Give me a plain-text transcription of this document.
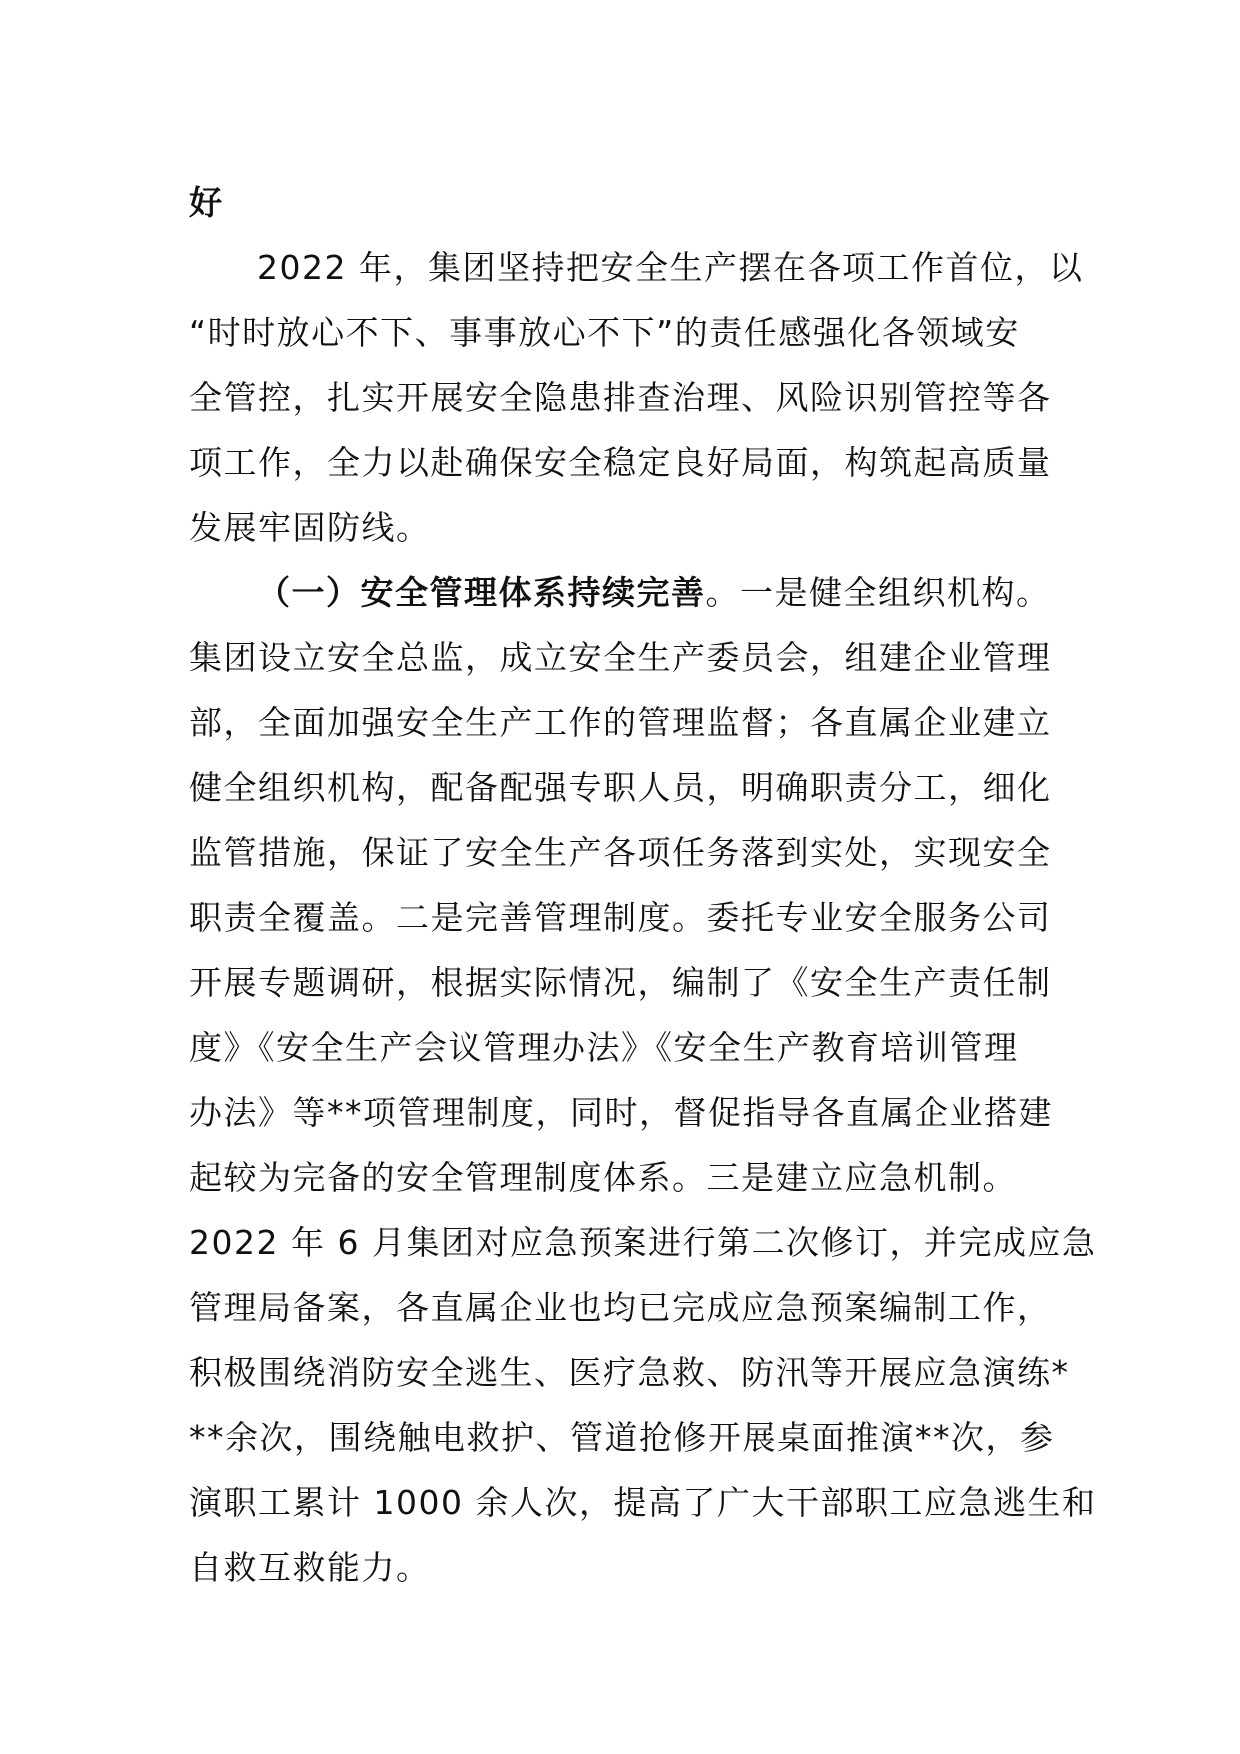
好
2022 年，集团坚持把安全生产摆在各项工作首位，以
“时时放心不下、事事放心不下”的责任感强化各领域安
全管控，扎实开展安全隐患排查治理、风险识别管控等各
项工作，全力以赴确保安全稳定良好局面，构筑起高质量
发展牢固防线。
（一）安全管理体系持续完善。一是健全组织机构。
集团设立安全总监，成立安全生产委员会，组建企业管理
部，全面加强安全生产工作的管理监督；各直属企业建立
健全组织机构，配备配强专职人员，明确职责分工，细化
监管措施，保证了安全生产各项任务落到实处，实现安全
职责全覆盖。二是完善管理制度。委托专业安全服务公司
开展专题调研，根据实际情况，编制了《安全生产责任制
度》《安全生产会议管理办法》《安全生产教育培训管理
办法》等**项管理制度，同时，督促指导各直属企业搭建
起较为完备的安全管理制度体系。三是建立应急机制。
2022 年 6 月集团对应急预案进行第二次修订，并完成应急
管理局备案，各直属企业也均已完成应急预案编制工作，
积极围绕消防安全逃生、医疗急救、防汛等开展应急演练*
**余次，围绕触电救护、管道抢修开展桌面推演**次，参
演职工累计 1000 余人次，提高了广大干部职工应急逃生和
自救互救能力。
